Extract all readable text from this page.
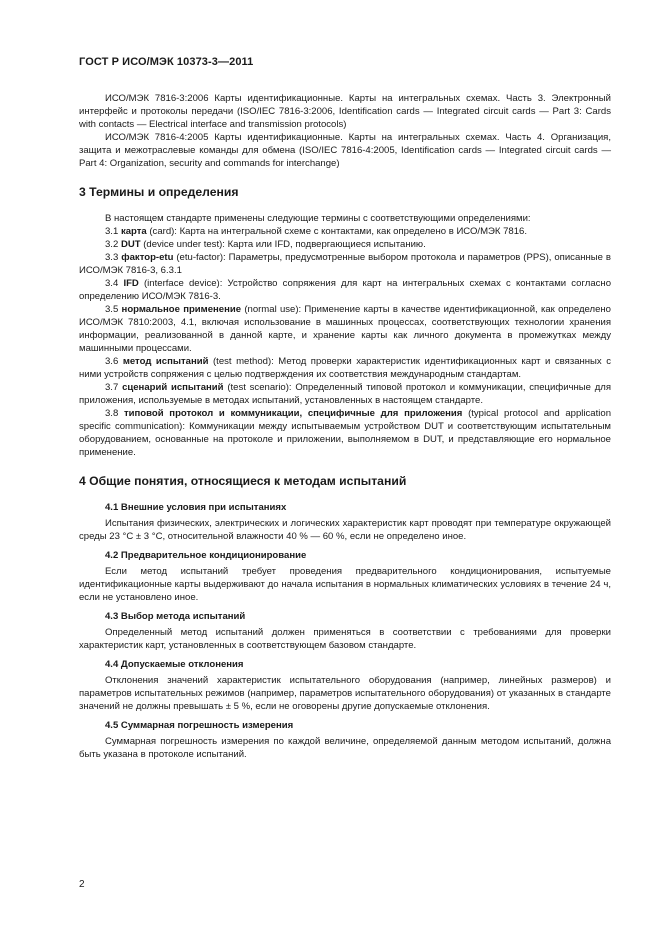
ГОСТ Р ИСО/МЭК 10373-3—2011

ИСО/МЭК 7816-3:2006 Карты идентификационные. Карты на интегральных схемах. Часть 3. Электронный интерфейс и протоколы передачи (ISO/IEC 7816-3:2006, Identification cards — Integrated circuit cards — Part 3: Cards with contacts — Electrical interface and transmission protocols)

ИСО/МЭК 7816-4:2005 Карты идентификационные. Карты на интегральных схемах. Часть 4. Организация, защита и межотраслевые команды для обмена (ISO/IEC 7816-4:2005, Identification cards — Integrated circuit cards — Part 4: Organization, security and commands for interchange)

3 Термины и определения

В настоящем стандарте применены следующие термины с соответствующими определениями:

3.1 карта (card): Карта на интегральной схеме с контактами, как определено в ИСО/МЭК 7816.

3.2 DUT (device under test): Карта или IFD, подвергающиеся испытанию.

3.3 фактор-etu (etu-factor): Параметры, предусмотренные выбором протокола и параметров (PPS), описанные в ИСО/МЭК 7816-3, 6.3.1

3.4 IFD (interface device): Устройство сопряжения для карт на интегральных схемах с контактами согласно определению ИСО/МЭК 7816-3.

3.5 нормальное применение (normal use): Применение карты в качестве идентификационной, как определено ИСО/МЭК 7810:2003, 4.1, включая использование в машинных процессах, соответствующих технологии хранения информации, реализованной в данной карте, и хранение карты как личного документа в промежутках между машинными процессами.

3.6 метод испытаний (test method): Метод проверки характеристик идентификационных карт и связанных с ними устройств сопряжения с целью подтверждения их соответствия международным стандартам.

3.7 сценарий испытаний (test scenario): Определенный типовой протокол и коммуникации, специфичные для приложения, используемые в методах испытаний, установленных в настоящем стандарте.

3.8 типовой протокол и коммуникации, специфичные для приложения (typical protocol and application specific communication): Коммуникации между испытываемым устройством DUT и соответствующим испытательным оборудованием, основанные на протоколе и приложении, выполняемом в DUT, и представляющие его нормальное применение.

4 Общие понятия, относящиеся к методам испытаний
4.1 Внешние условия при испытаниях

Испытания физических, электрических и логических характеристик карт проводят при температуре окружающей среды 23 °С ± 3 °С, относительной влажности 40 % — 60 %, если не определено иное.

4.2 Предварительное кондиционирование

Если метод испытаний требует проведения предварительного кондиционирования, испытуемые идентификационные карты выдерживают до начала испытания в нормальных климатических условиях в течение 24 ч, если не установлено иное.

4.3 Выбор метода испытаний

Определенный метод испытаний должен применяться в соответствии с требованиями для проверки характеристик карт, установленных в соответствующем базовом стандарте.

4.4 Допускаемые отклонения

Отклонения значений характеристик испытательного оборудования (например, линейных размеров) и параметров испытательных режимов (например, параметров испытательного оборудования) от указанных в стандарте значений не должны превышать ± 5 %, если не оговорены другие допускаемые отклонения.

4.5 Суммарная погрешность измерения

Суммарная погрешность измерения по каждой величине, определяемой данным методом испытаний, должна быть указана в протоколе испытаний.

2
